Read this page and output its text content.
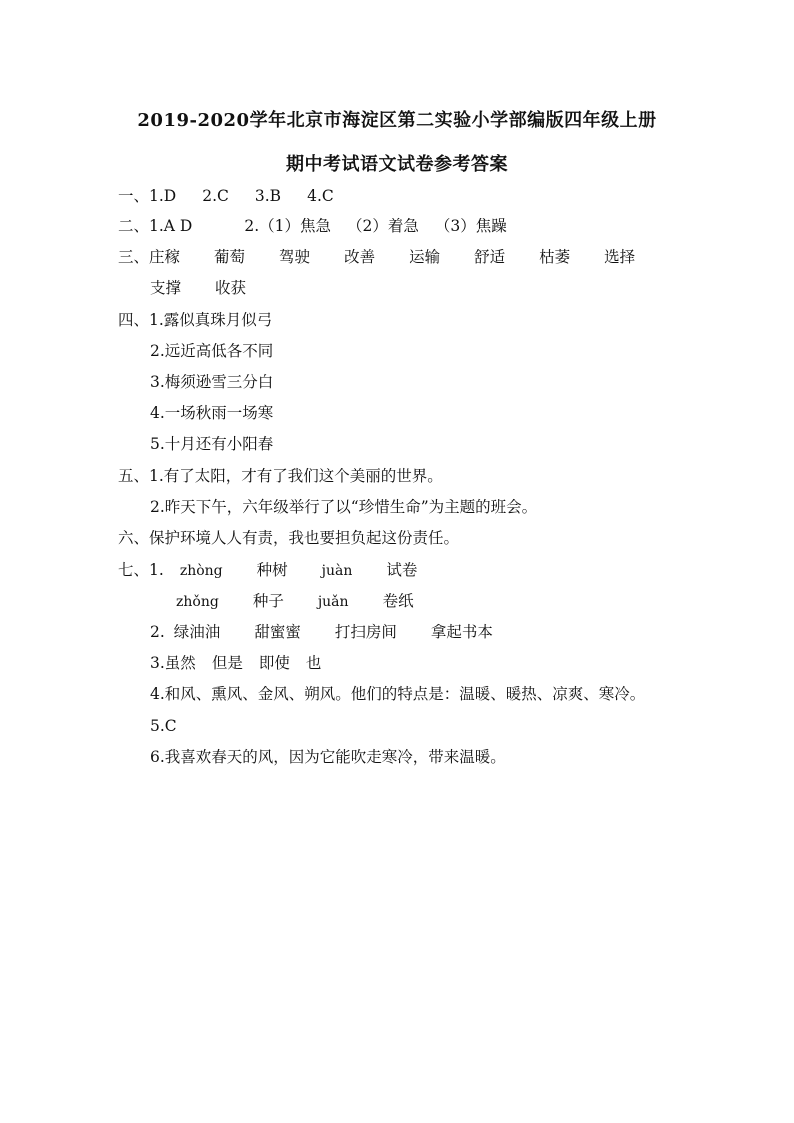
2019-2020学年北京市海淀区第二实验小学部编版四年级上册
期中考试语文试卷参考答案
一、1.D 2.C 3.B 4.C
二、1.A D	2.（1）焦急 （2）着急 （3）焦躁
三、庄稼 葡萄 驾驶 改善 运输 舒适 枯萎 选择
支撑 收获
四、1.露似真珠月似弓
2.远近高低各不同
3.梅须逊雪三分白
4.一场秋雨一场寒
5.十月还有小阳春
五、1.有了太阳，才有了我们这个美丽的世界。
2.昨天下午，六年级举行了以“珍惜生命”为主题的班会。
六、保护环境人人有责，我也要担负起这份责任。
七、1. zhòng 种树 juàn 试卷
zhǒng 种子 juǎn 卷纸
2. 绿油油 甜蜜蜜 打扫房间 拿起书本
3.虽然 但是 即使 也
4.和风、熏风、金风、朔风。他们的特点是：温暖、暖热、凉爽、寒冷。
5.C
6.我喜欢春天的风，因为它能吹走寒冷，带来温暖。
